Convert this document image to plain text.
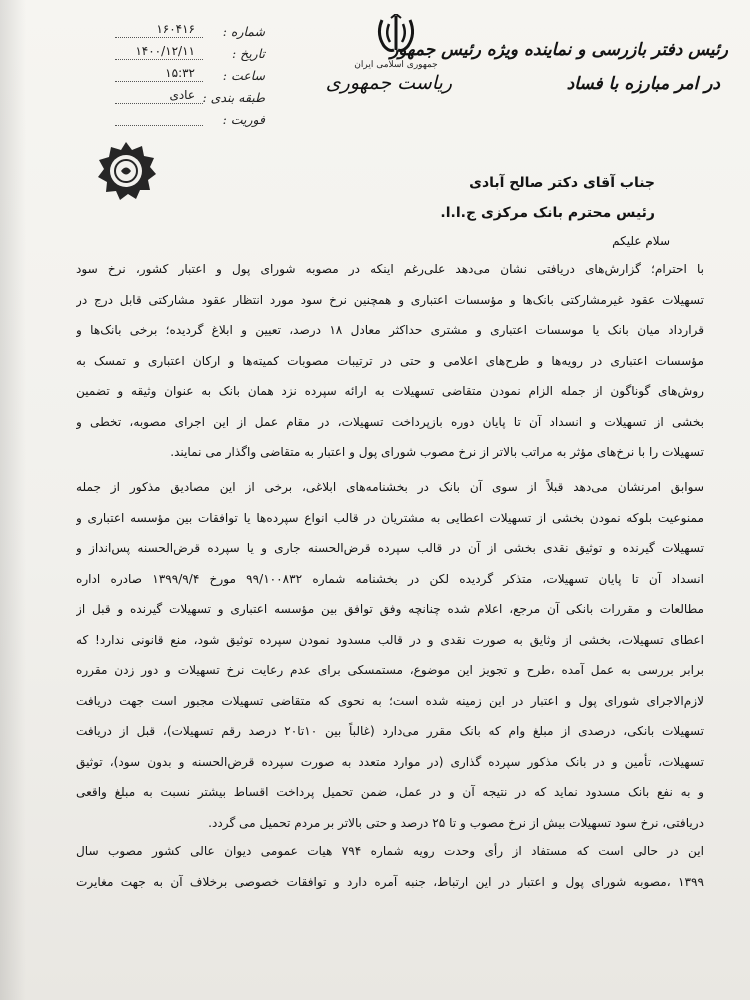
شماره :
۱۶۰۴۱۶
تاریخ :
۱۴۰۰/۱۲/۱۱
ساعت :
۱۵:۳۲
طبقه بندی :
عادی
فوریت :
جمهوری اسلامی ایران
ریاست جمهوری
رئیس دفتر بازرسی و نماینده ویژه رئیس جمهور
در امر مبارزه با فساد
جناب آقای دکتر صالح آبادی
رئیس محترم بانک مرکزی ج.ا.ا.
سلام علیکم
با احترام؛ گزارش‌های دریافتی نشان می‌دهد علی‌رغم اینکه در مصوبه شورای پول و اعتبار کشور، نرخ سود
تسهیلات عقود غیرمشارکتی بانک‌ها و مؤسسات اعتباری و همچنین نرخ سود مورد انتظار عقود مشارکتی قابل درج در
قرارداد میان بانک یا موسسات اعتباری و مشتری حداکثر معادل ۱۸ درصد، تعیین و ابلاغ گردیده؛ برخی بانک‌ها و
مؤسسات اعتباری در رویه‌ها و طرح‌های اعلامی و حتی در ترتیبات مصوبات کمیته‌ها و ارکان اعتباری و تمسک به
روش‌های گوناگون از جمله الزام نمودن متقاضی تسهیلات به ارائه سپرده نزد همان بانک به عنوان وثیقه و تضمین
بخشی از تسهیلات و انسداد آن تا پایان دوره بازپرداخت تسهیلات، در مقام عمل از این اجرای مصوبه، تخطی و
تسهیلات را با نرخ‌های مؤثر به مراتب بالاتر از نرخ مصوب شورای پول و اعتبار به متقاضی واگذار می نمایند.
سوابق امرنشان می‌دهد قبلاً از سوی آن بانک در بخشنامه‌های ابلاغی، برخی از این مصادیق مذکور از جمله
ممنوعیت بلوکه نمودن بخشی از تسهیلات اعطایی به مشتریان در قالب انواع سپرده‌ها یا توافقات بین مؤسسه اعتباری و
تسهیلات گیرنده و توثیق نقدی بخشی از آن در قالب سپرده قرض‌الحسنه جاری و یا سپرده قرض‌الحسنه پس‌انداز و
انسداد آن تا پایان تسهیلات، متذکر گردیده لکن در بخشنامه شماره ۹۹/۱۰۰۸۳۲ مورخ ۱۳۹۹/۹/۴ صادره اداره
مطالعات و مقررات بانکی آن مرجع، اعلام شده چنانچه وفق توافق بین مؤسسه اعتباری و تسهیلات گیرنده و قبل از
اعطای تسهیلات، بخشی از وثایق به صورت نقدی و در قالب مسدود نمودن سپرده توثیق شود، منع قانونی ندارد! که
برابر بررسی به عمل آمده ،طرح و تجویز این موضوع، مستمسکی برای عدم رعایت نرخ تسهیلات و دور زدن مقرره
لازم‌الاجرای شورای پول و اعتبار در این زمینه شده است؛ به نحوی که متقاضی تسهیلات مجبور است جهت دریافت
تسهیلات بانکی، درصدی از مبلغ وام که بانک مقرر می‌دارد (غالباً بین ۱۰تا۲۰ درصد رقم تسهیلات)، قبل از دریافت
تسهیلات، تأمین و در بانک مذکور سپرده گذاری (در موارد متعدد به صورت سپرده قرض‌الحسنه و بدون سود)، توثیق
و به نفع بانک مسدود نماید که در نتیجه آن و در عمل، ضمن تحمیل پرداخت اقساط بیشتر نسبت به مبلغ واقعی
دریافتی، نرخ سود تسهیلات بیش از نرخ مصوب و تا ۲۵ درصد و حتی بالاتر بر مردم تحمیل می گردد.
این در حالی است که مستفاد از رأی وحدت رویه شماره ۷۹۴ هیات عمومی دیوان عالی کشور مصوب سال
۱۳۹۹ ،مصوبه شورای پول و اعتبار در این ارتباط، جنبه آمره دارد و توافقات خصوصی برخلاف آن به جهت مغایرت
